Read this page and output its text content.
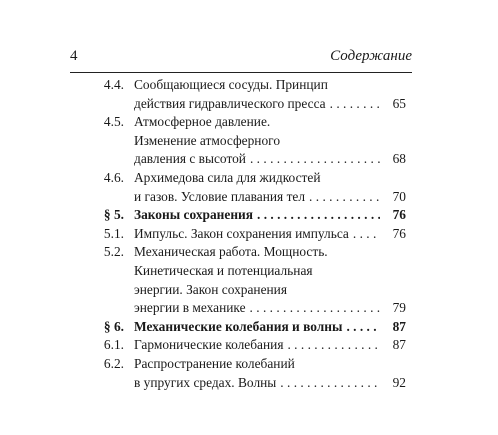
4	Содержание
4.4. Сообщающиеся сосуды. Принцип
действия гидравлического пресса . . .	65
4.5. Атмосферное давление.
Изменение атмосферного
давления с высотой . . .	68
4.6. Архимедова сила для жидкостей
и газов. Условие плавания тел . . .	70
§ 5. Законы сохранения . . .	76
5.1. Импульс. Закон сохранения импульса . . .	76
5.2. Механическая работа. Мощность.
Кинетическая и потенциальная
энергии. Закон сохранения
энергии в механике . . .	79
§ 6. Механические колебания и волны . . .	87
6.1. Гармонические колебания . . .	87
6.2. Распространение колебаний
в упругих средах. Волны . . .	92
